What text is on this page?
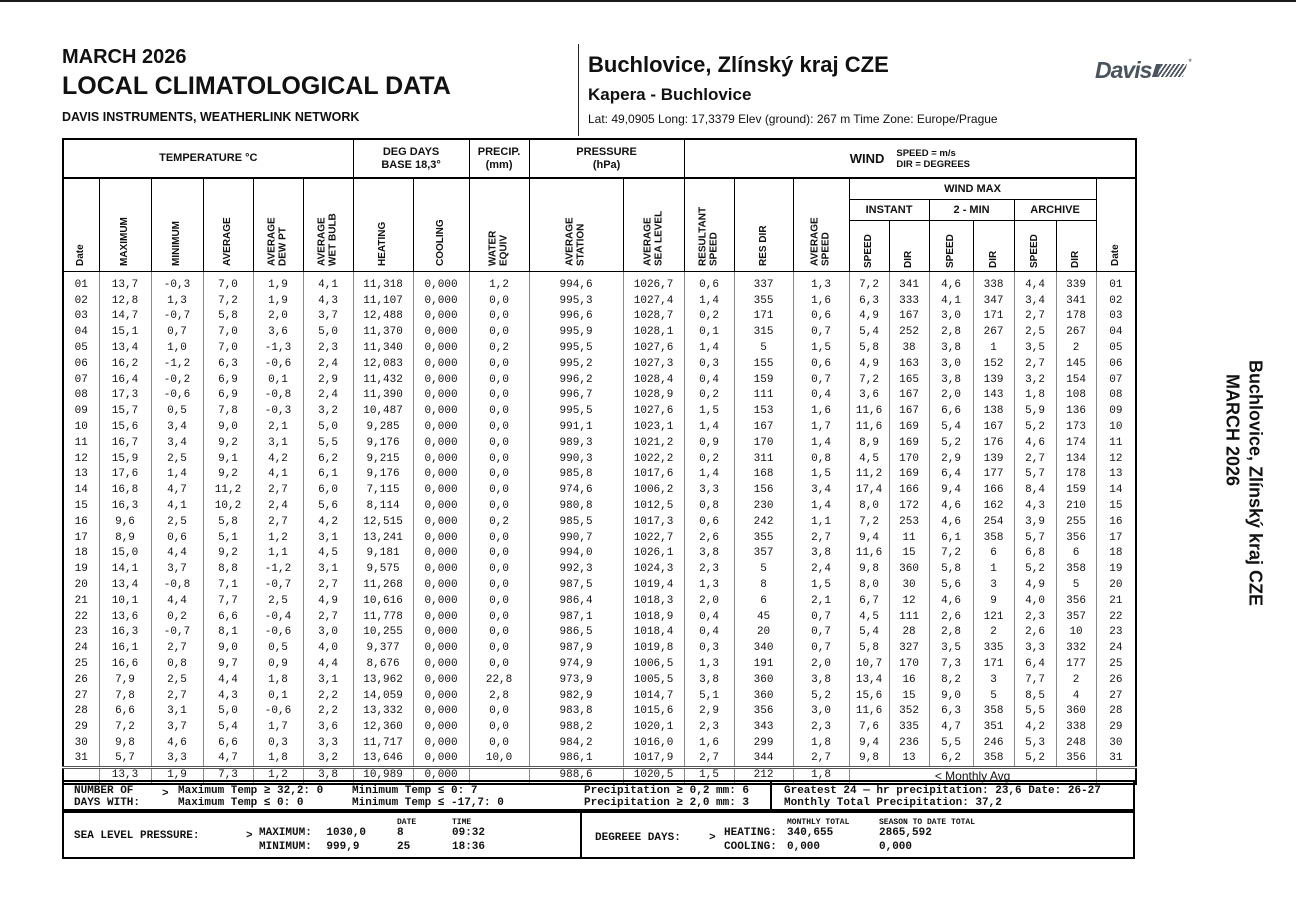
MARCH 2026
LOCAL CLIMATOLOGICAL DATA
DAVIS INSTRUMENTS, WEATHERLINK NETWORK
Buchlovice, Zlínský kraj CZE
Kapera - Buchlovice
Lat: 49,0905 Long: 17,3379 Elev (ground): 267 m Time Zone: Europe/Prague
Davis	*
TEMPERATURE °C	
DEG DAYS
BASE 18,3°

PRECIP.
(mm)

PRESSURE
(hPa)	WIND SPEED = m/s
DIR = DEGREES

Date	MAXIMUM	MINIMUM	AVERAGE	AVERAGE DEW PT	AVERAGE WET BULB	HEATING	COOLING	WATER EQUIV	AVERAGE STATION	AVERAGE SEA LEVEL	RESULTANT SPEED	RES DIR	AVERAGE SPEED
	WIND MAX	
Date

														INSTANT		2 - MIN		ARCHIVE		

														SPEED	DIR	SPEED	DIR	SPEED	DIR	

01	13,7	-0,3	7,0	1,9	4,1	11,318	0,000	1,2	994,6	1026,7	0,6	337	1,3	7,2	341	4,6	338	4,4	339	01
02	12,8	1,3	7,2	1,9	4,3	11,107	0,000	0,0	995,3	1027,4	1,4	355	1,6	6,3	333	4,1	347	3,4	341	02
03	14,7	-0,7	5,8	2,0	3,7	12,488	0,000	0,0	996,6	1028,7	0,2	171	0,6	4,9	167	3,0	171	2,7	178	03
04	15,1	0,7	7,0	3,6	5,0	11,370	0,000	0,0	995,9	1028,1	0,1	315	0,7	5,4	252	2,8	267	2,5	267	04
05	13,4	1,0	7,0	-1,3	2,3	11,340	0,000	0,2	995,5	1027,6	1,4	5	1,5	5,8	38	3,8	1	3,5	2	05
06	16,2	-1,2	6,3	-0,6	2,4	12,083	0,000	0,0	995,2	1027,3	0,3	155	0,6	4,9	163	3,0	152	2,7	145	06
07	16,4	-0,2	6,9	0,1	2,9	11,432	0,000	0,0	996,2	1028,4	0,4	159	0,7	7,2	165	3,8	139	3,2	154	07
08	17,3	-0,6	6,9	-0,8	2,4	11,390	0,000	0,0	996,7	1028,9	0,2	111	0,4	3,6	167	2,0	143	1,8	108	08
09	15,7	0,5	7,8	-0,3	3,2	10,487	0,000	0,0	995,5	1027,6	1,5	153	1,6	11,6	167	6,6	138	5,9	136	09
10	15,6	3,4	9,0	2,1	5,0	9,285	0,000	0,0	991,1	1023,1	1,4	167	1,7	11,6	169	5,4	167	5,2	173	10
11	16,7	3,4	9,2	3,1	5,5	9,176	0,000	0,0	989,3	1021,2	0,9	170	1,4	8,9	169	5,2	176	4,6	174	11
12	15,9	2,5	9,1	4,2	6,2	9,215	0,000	0,0	990,3	1022,2	0,2	311	0,8	4,5	170	2,9	139	2,7	134	12
13	17,6	1,4	9,2	4,1	6,1	9,176	0,000	0,0	985,8	1017,6	1,4	168	1,5	11,2	169	6,4	177	5,7	178	13
14	16,8	4,7	11,2	2,7	6,0	7,115	0,000	0,0	974,6	1006,2	3,3	156	3,4	17,4	166	9,4	166	8,4	159	14
15	16,3	4,1	10,2	2,4	5,6	8,114	0,000	0,0	980,8	1012,5	0,8	230	1,4	8,0	172	4,6	162	4,3	210	15
16	9,6	2,5	5,8	2,7	4,2	12,515	0,000	0,2	985,5	1017,3	0,6	242	1,1	7,2	253	4,6	254	3,9	255	16
17	8,9	0,6	5,1	1,2	3,1	13,241	0,000	0,0	990,7	1022,7	2,6	355	2,7	9,4	11	6,1	358	5,7	356	17
18	15,0	4,4	9,2	1,1	4,5	9,181	0,000	0,0	994,0	1026,1	3,8	357	3,8	11,6	15	7,2	6	6,8	6	18
19	14,1	3,7	8,8	-1,2	3,1	9,575	0,000	0,0	992,3	1024,3	2,3	5	2,4	9,8	360	5,8	1	5,2	358	19
20	13,4	-0,8	7,1	-0,7	2,7	11,268	0,000	0,0	987,5	1019,4	1,3	8	1,5	8,0	30	5,6	3	4,9	5	20
21	10,1	4,4	7,7	2,5	4,9	10,616	0,000	0,0	986,4	1018,3	2,0	6	2,1	6,7	12	4,6	9	4,0	356	21
22	13,6	0,2	6,6	-0,4	2,7	11,778	0,000	0,0	987,1	1018,9	0,4	45	0,7	4,5	111	2,6	121	2,3	357	22
23	16,3	-0,7	8,1	-0,6	3,0	10,255	0,000	0,0	986,5	1018,4	0,4	20	0,7	5,4	28	2,8	2	2,6	10	23
24	16,1	2,7	9,0	0,5	4,0	9,377	0,000	0,0	987,9	1019,8	0,3	340	0,7	5,8	327	3,5	335	3,3	332	24
25	16,6	0,8	9,7	0,9	4,4	8,676	0,000	0,0	974,9	1006,5	1,3	191	2,0	10,7	170	7,3	171	6,4	177	25
26	7,9	2,5	4,4	1,8	3,1	13,962	0,000	22,8	973,9	1005,5	3,8	360	3,8	13,4	16	8,2	3	7,7	2	26
27	7,8	2,7	4,3	0,1	2,2	14,059	0,000	2,8	982,9	1014,7	5,1	360	5,2	15,6	15	9,0	5	8,5	4	27
28	6,6	3,1	5,0	-0,6	2,2	13,332	0,000	0,0	983,8	1015,6	2,9	356	3,0	11,6	352	6,3	358	5,5	360	28
29	7,2	3,7	5,4	1,7	3,6	12,360	0,000	0,0	988,2	1020,1	2,3	343	2,3	7,6	335	4,7	351	4,2	338	29
30	9,8	4,6	6,6	0,3	3,3	11,717	0,000	0,0	984,2	1016,0	1,6	299	1,8	9,4	236	5,5	246	5,3	248	30
31	5,7	3,3	4,7	1,8	3,2	13,646	0,000	10,0	986,1	1017,9	2,7	344	2,7	9,8	13	6,2	358	5,2	356	31
	13,3	1,9	7,3	1,2	3,8	10,989	0,000		988,6	1020,5	1,5	212	1,8	< Monthly Avg						
NUMBER OF
DAYS WITH:
> Maximum Temp ≥ 32,2: 0
Maximum Temp ≤ 0: 0
Minimum Temp ≤ 0: 7
Minimum Temp ≤ -17,7: 0
Precipitation ≥ 0,2 mm: 6
Precipitation ≥ 2,0 mm: 3
Greatest 24 — hr precipitation: 23,6 Date: 26-27
Monthly Total Precipitation: 37,2
SEA LEVEL PRESSURE:	>
DATE	TIME
MAXIMUM: 1030,0	8	09:32
MINIMUM: 999,9	25	18:36
DEGREEE DAYS:	>
MONTHLY TOTAL	SEASON TO DATE TOTAL
HEATING: 340,655	2865,592
COOLING: 0,000	0,000
MARCH 2026 Buchlovice, Zlínský kraj CZE
